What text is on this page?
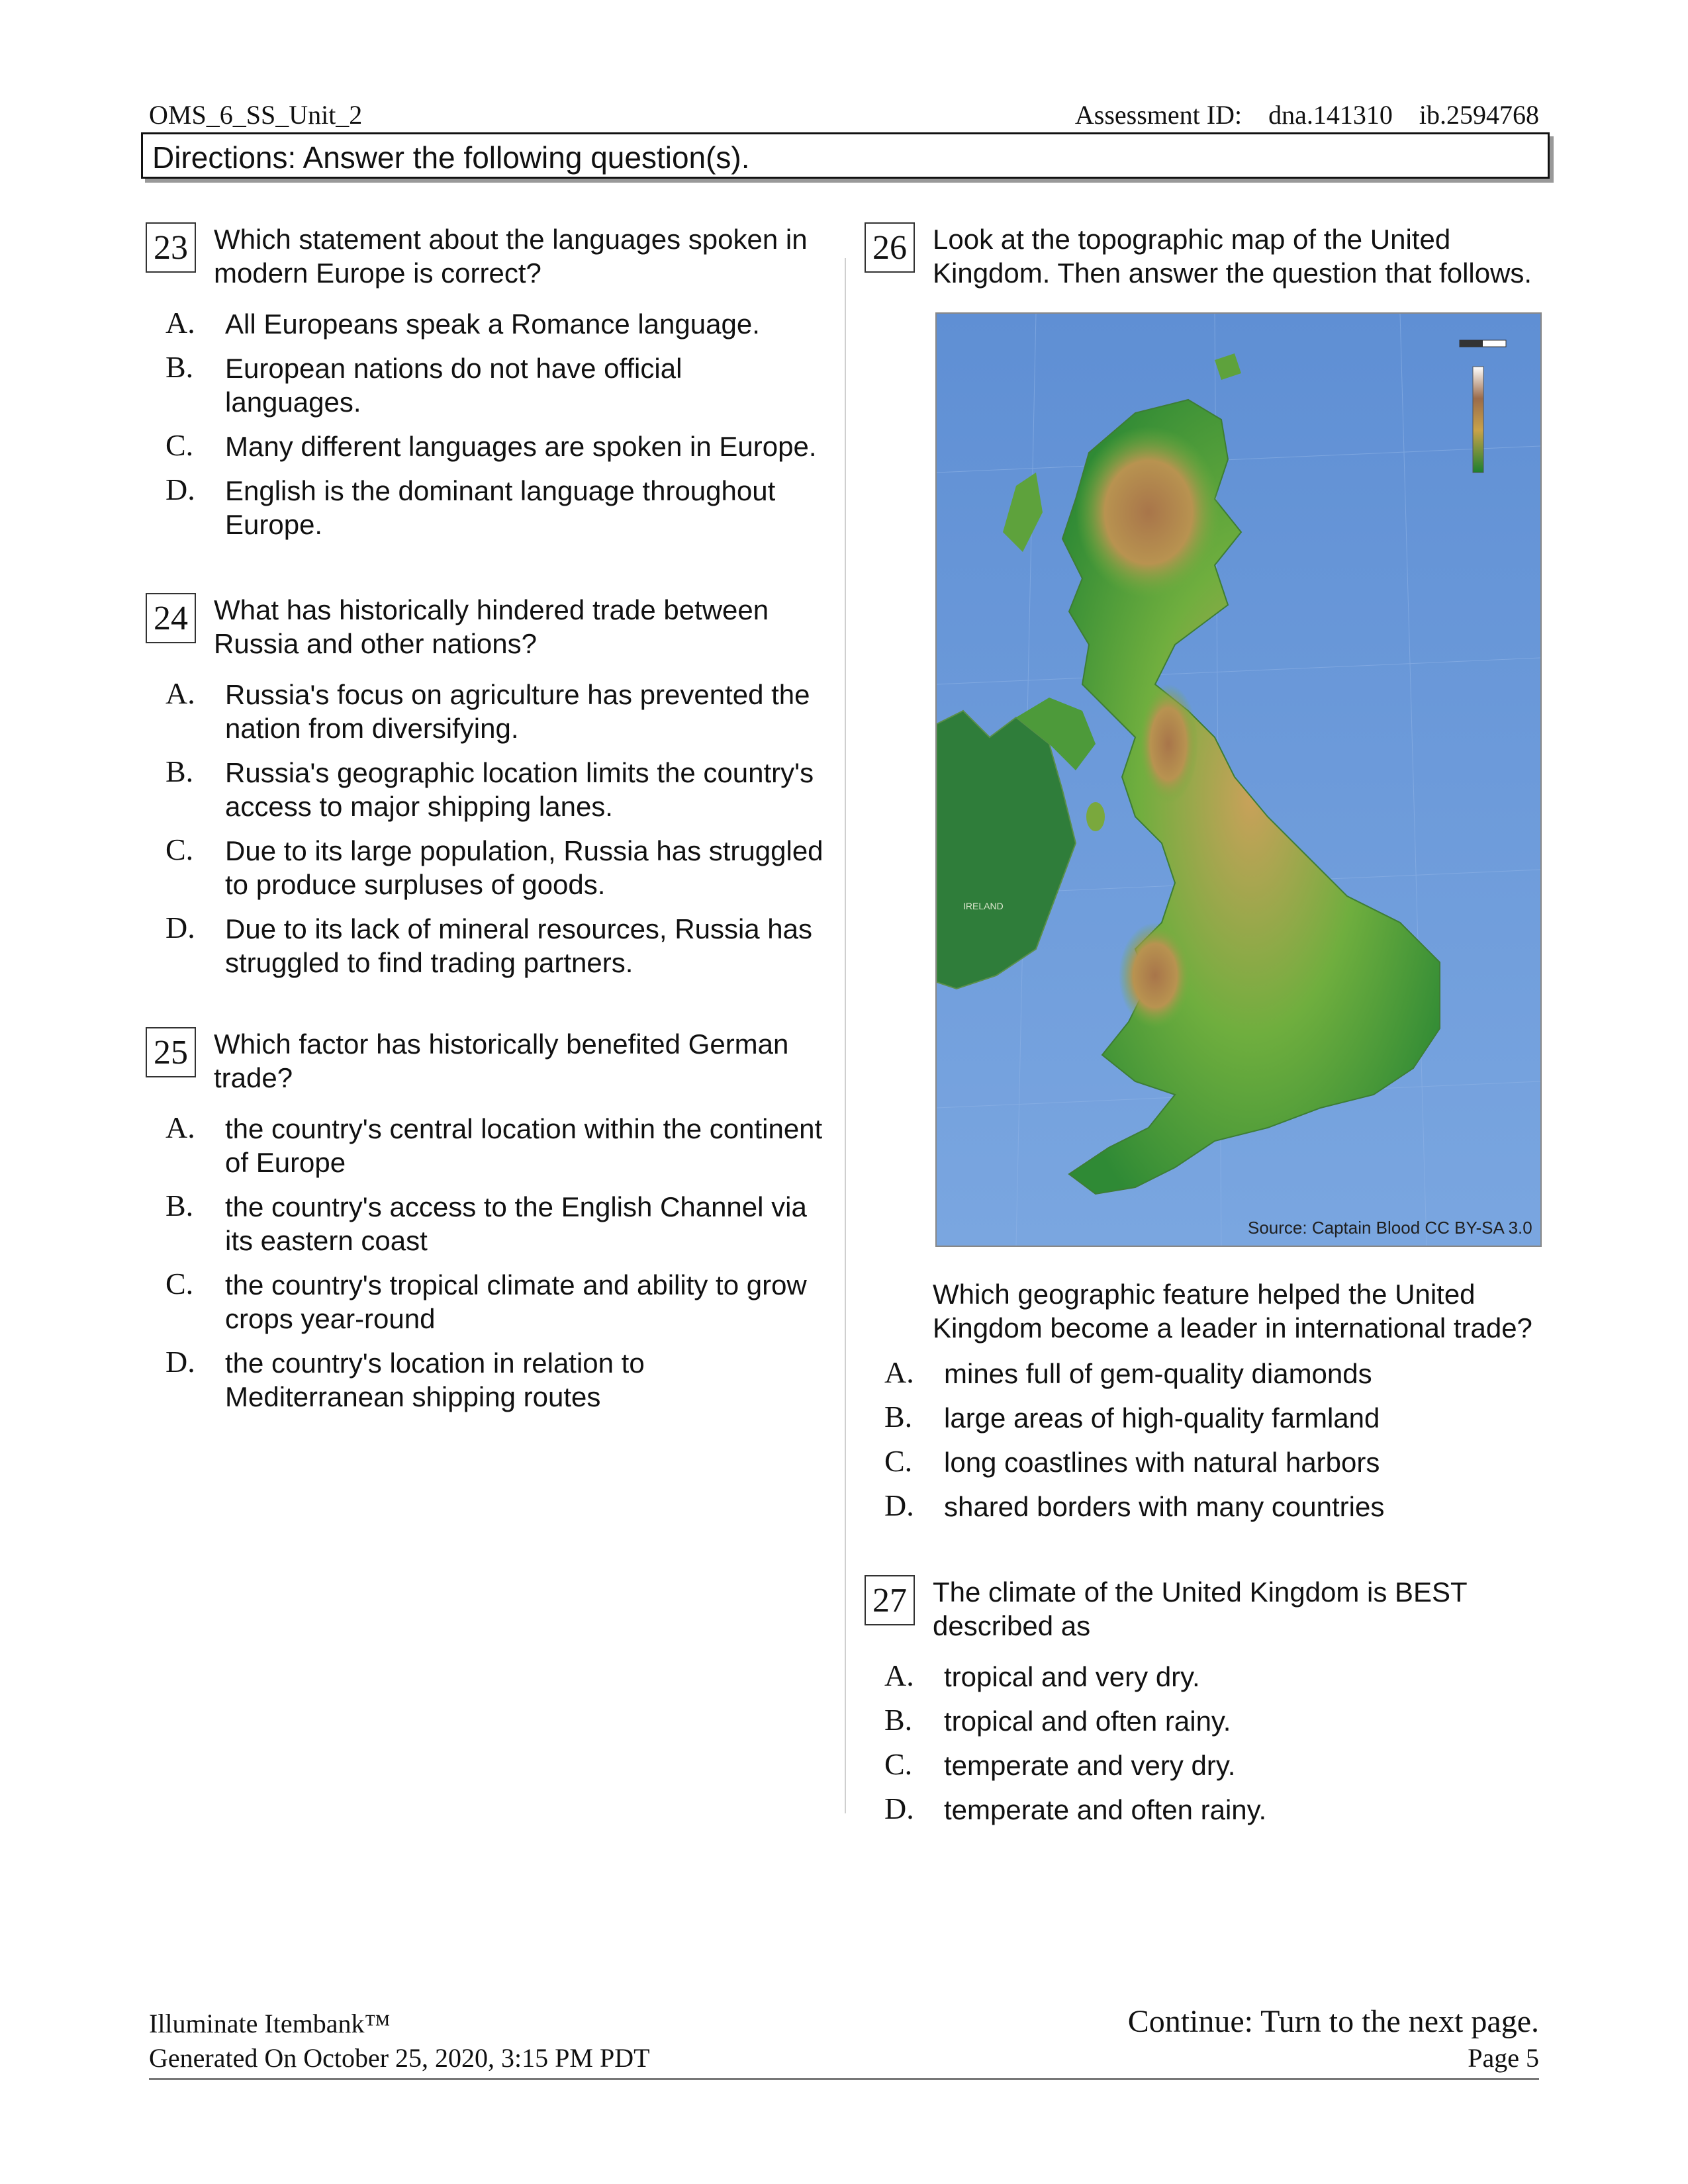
OMS_6_SS_Unit_2	Assessment ID: dna.141310 ib.2594768
Directions: Answer the following question(s).
23 Which statement about the languages spoken in modern Europe is correct?
A. All Europeans speak a Romance language.
B. European nations do not have official languages.
C. Many different languages are spoken in Europe.
D. English is the dominant language throughout Europe.
24 What has historically hindered trade between Russia and other nations?
A. Russia's focus on agriculture has prevented the nation from diversifying.
B. Russia's geographic location limits the country's access to major shipping lanes.
C. Due to its large population, Russia has struggled to produce surpluses of goods.
D. Due to its lack of mineral resources, Russia has struggled to find trading partners.
25 Which factor has historically benefited German trade?
A. the country's central location within the continent of Europe
B. the country's access to the English Channel via its eastern coast
C. the country's tropical climate and ability to grow crops year-round
D. the country's location in relation to Mediterranean shipping routes
26 Look at the topographic map of the United Kingdom. Then answer the question that follows.
IRELAND
Source: Captain Blood CC BY-SA 3.0
Which geographic feature helped the United Kingdom become a leader in international trade?
A. mines full of gem-quality diamonds
B. large areas of high-quality farmland
C. long coastlines with natural harbors
D. shared borders with many countries
27 The climate of the United Kingdom is BEST described as
A. tropical and very dry.
B. tropical and often rainy.
C. temperate and very dry.
D. temperate and often rainy.
Illuminate Itembank™
Generated On October 25, 2020, 3:15 PM PDT
Continue: Turn to the next page.
Page 5
